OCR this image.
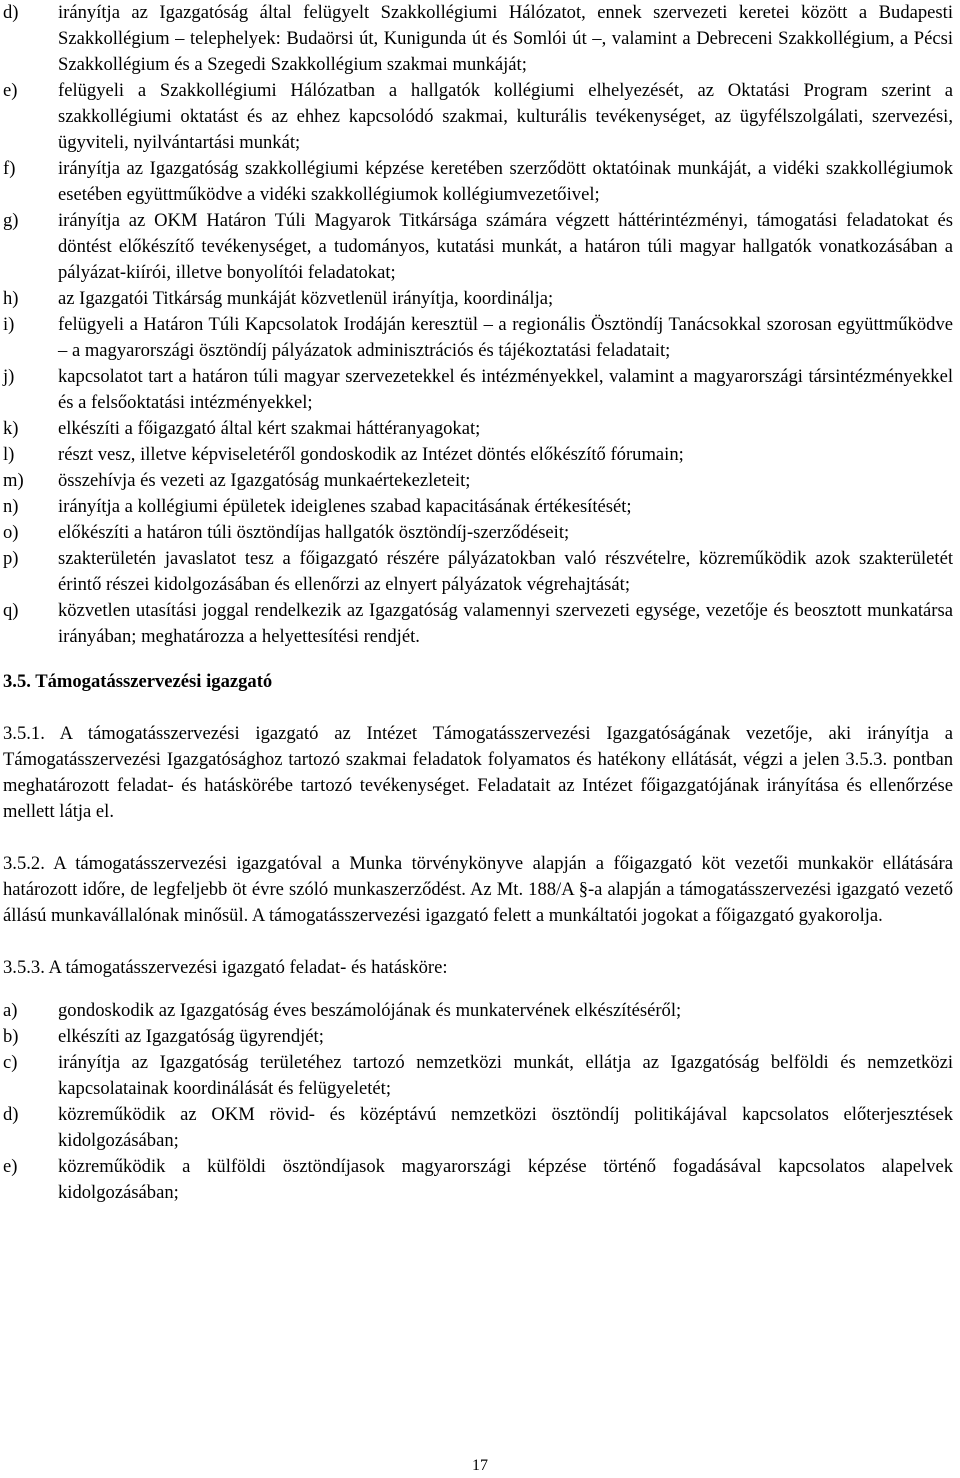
d)	irányítja az Igazgatóság által felügyelt Szakkollégiumi Hálózatot, ennek szervezeti keretei között a Budapesti Szakkollégium – telephelyek: Budaörsi út, Kunigunda út és Somlói út –, valamint a Debreceni Szakkollégium, a Pécsi Szakkollégium és a Szegedi Szakkollégium szakmai munkáját;
e)	felügyeli a Szakkollégiumi Hálózatban a hallgatók kollégiumi elhelyezését, az Oktatási Program szerint a szakkollégiumi oktatást és az ehhez kapcsolódó szakmai, kulturális tevékenységet, az ügyfélszolgálati, szervezési, ügyviteli, nyilvántartási munkát;
f)	irányítja az Igazgatóság szakkollégiumi képzése keretében szerződött oktatóinak munkáját, a vidéki szakkollégiumok esetében együttműködve a vidéki szakkollégiumok kollégiumvezetőivel;
g)	irányítja az OKM Határon Túli Magyarok Titkársága számára végzett háttérintézményi, támogatási feladatokat és döntést előkészítő tevékenységet, a tudományos, kutatási munkát, a határon túli magyar hallgatók vonatkozásában a pályázat-kiírói, illetve bonyolítói feladatokat;
h)	az Igazgatói Titkárság munkáját közvetlenül irányítja, koordinálja;
i)	felügyeli a Határon Túli Kapcsolatok Irodáján keresztül – a regionális Ösztöndíj Tanácsokkal szorosan együttműködve – a magyarországi ösztöndíj pályázatok adminisztrációs és tájékoztatási feladatait;
j)	kapcsolatot tart a határon túli magyar szervezetekkel és intézményekkel, valamint a magyarországi társintézményekkel és a felsőoktatási intézményekkel;
k)	elkészíti a főigazgató által kért szakmai háttéranyagokat;
l)	részt vesz, illetve képviseletéről gondoskodik az Intézet döntés előkészítő fórumain;
m)	összehívja és vezeti az Igazgatóság munkaértekezleteit;
n)	irányítja a kollégiumi épületek ideiglenes szabad kapacitásának értékesítését;
o)	előkészíti a határon túli ösztöndíjas hallgatók ösztöndíj-szerződéseit;
p)	szakterületén javaslatot tesz a főigazgató részére pályázatokban való részvételre, közreműködik azok szakterületét érintő részei kidolgozásában és ellenőrzi az elnyert pályázatok végrehajtását;
q)	közvetlen utasítási joggal rendelkezik az Igazgatóság valamennyi szervezeti egysége, vezetője és beosztott munkatársa irányában; meghatározza a helyettesítési rendjét.

3.5. Támogatásszervezési igazgató

3.5.1. A támogatásszervezési igazgató az Intézet Támogatásszervezési Igazgatóságának vezetője, aki irányítja a Támogatásszervezési Igazgatósághoz tartozó szakmai feladatok folyamatos és hatékony ellátását, végzi a jelen 3.5.3. pontban meghatározott feladat- és hatáskörébe tartozó tevékenységet. Feladatait az Intézet főigazgatójának irányítása és ellenőrzése mellett látja el.

3.5.2. A támogatásszervezési igazgatóval a Munka törvénykönyve alapján a főigazgató köt vezetői munkakör ellátására határozott időre, de legfeljebb öt évre szóló munkaszerződést. Az Mt. 188/A §-a alapján a támogatásszervezési igazgató vezető állású munkavállalónak minősül. A támogatásszervezési igazgató felett a munkáltatói jogokat a főigazgató gyakorolja.

3.5.3. A támogatásszervezési igazgató feladat- és hatásköre:

a)	gondoskodik az Igazgatóság éves beszámolójának és munkatervének elkészítéséről;
b)	elkészíti az Igazgatóság ügyrendjét;
c)	irányítja az Igazgatóság területéhez tartozó nemzetközi munkát, ellátja az Igazgatóság belföldi és nemzetközi kapcsolatainak koordinálását és felügyeletét;
d)	közreműködik az OKM rövid- és középtávú nemzetközi ösztöndíj politikájával kapcsolatos előterjesztések kidolgozásában;
e)	közreműködik a külföldi ösztöndíjasok magyarországi képzése történő fogadásával kapcsolatos alapelvek kidolgozásában;
17
